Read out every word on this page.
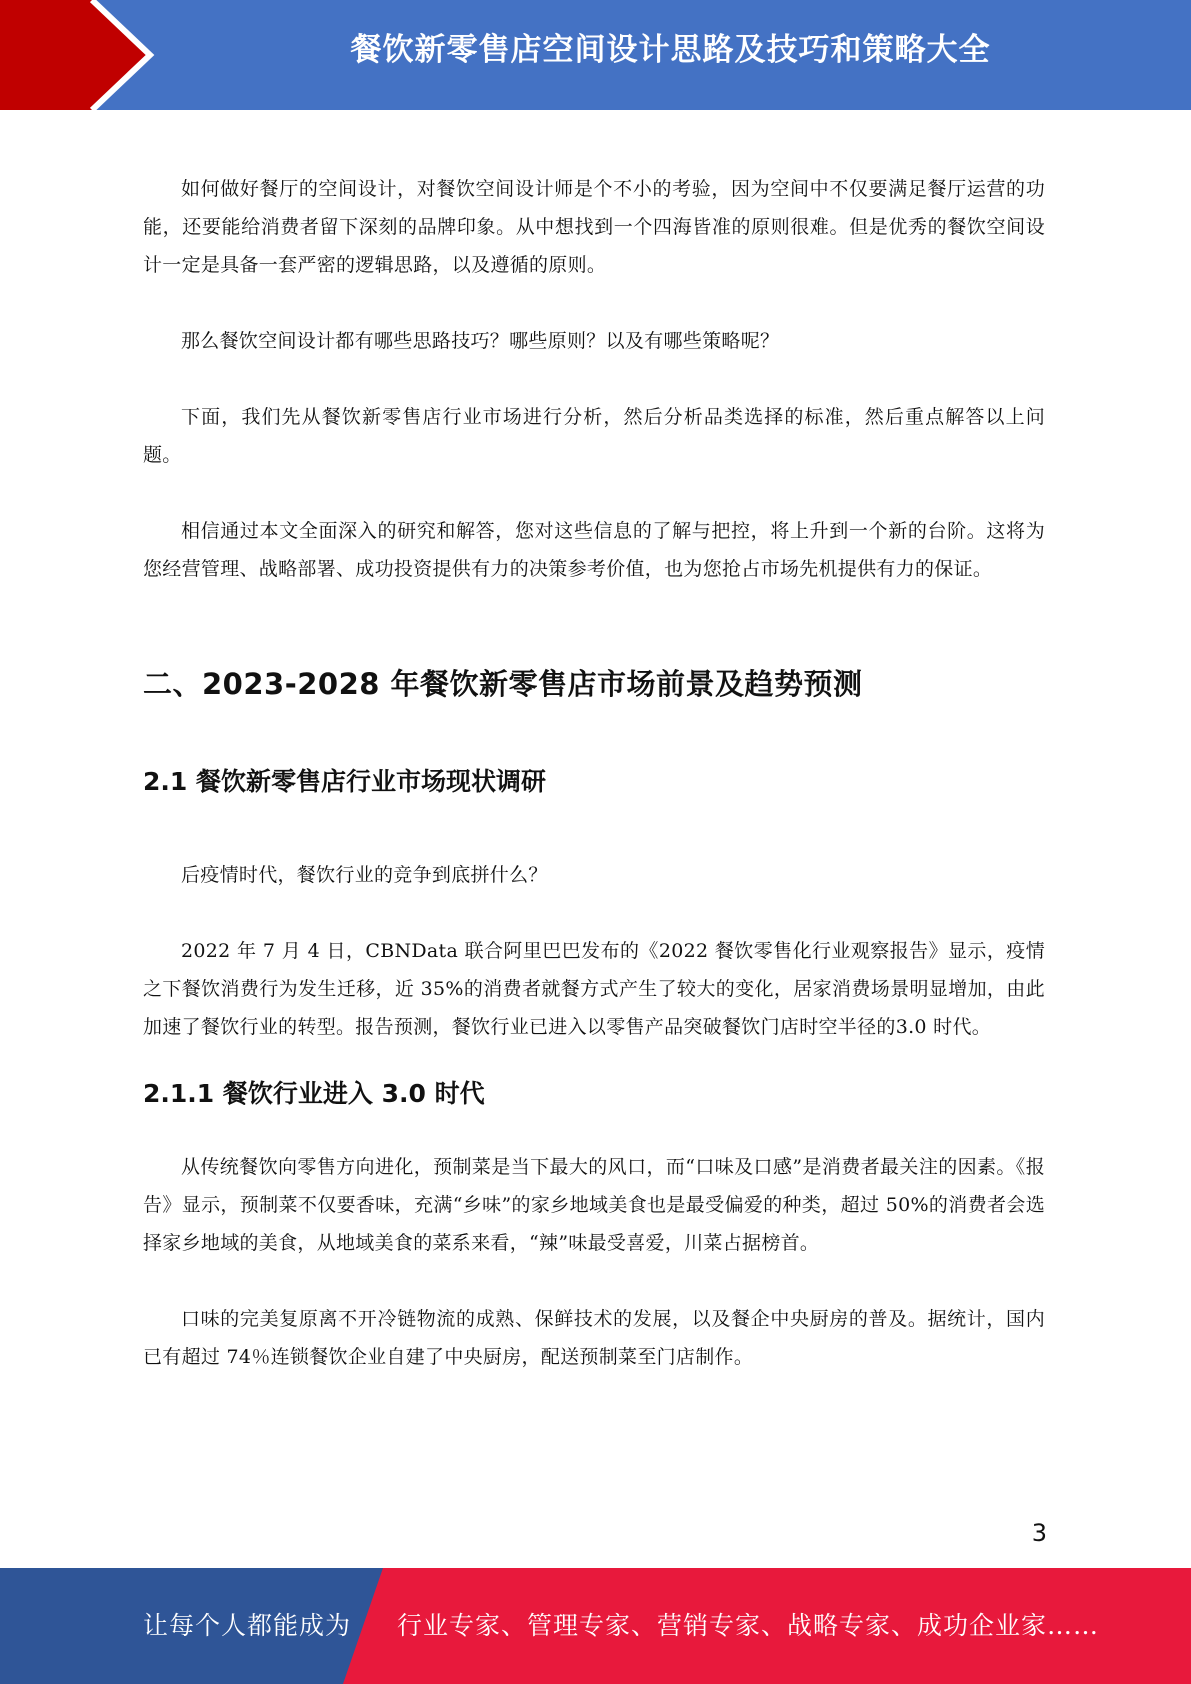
餐饮新零售店空间设计思路及技巧和策略大全

如何做好餐厅的空间设计，对餐饮空间设计师是个不小的考验，因为空间中不仅要满足餐厅运营的功能，还要能给消费者留下深刻的品牌印象。从中想找到一个四海皆准的原则很难。但是优秀的餐饮空间设计一定是具备一套严密的逻辑思路，以及遵循的原则。

那么餐饮空间设计都有哪些思路技巧？哪些原则？以及有哪些策略呢？

下面，我们先从餐饮新零售店行业市场进行分析，然后分析品类选择的标准，然后重点解答以上问题。

相信通过本文全面深入的研究和解答，您对这些信息的了解与把控，将上升到一个新的台阶。这将为您经营管理、战略部署、成功投资提供有力的决策参考价值，也为您抢占市场先机提供有力的保证。

二、2023-2028 年餐饮新零售店市场前景及趋势预测
2.1 餐饮新零售店行业市场现状调研

后疫情时代，餐饮行业的竞争到底拼什么？

2022 年 7 月 4 日，CBNData 联合阿里巴巴发布的《2022 餐饮零售化行业观察报告》显示，疫情之下餐饮消费行为发生迁移，近 35%的消费者就餐方式产生了较大的变化，居家消费场景明显增加，由此加速了餐饮行业的转型。报告预测，餐饮行业已进入以零售产品突破餐饮门店时空半径的3.0 时代。

2.1.1 餐饮行业进入 3.0 时代

从传统餐饮向零售方向进化，预制菜是当下最大的风口，而“口味及口感”是消费者最关注的因素。《报告》显示，预制菜不仅要香味，充满“乡味”的家乡地域美食也是最受偏爱的种类，超过 50%的消费者会选择家乡地域的美食，从地域美食的菜系来看，“辣”味最受喜爱，川菜占据榜首。

口味的完美复原离不开冷链物流的成熟、保鲜技术的发展，以及餐企中央厨房的普及。据统计，国内已有超过 74％连锁餐饮企业自建了中央厨房，配送预制菜至门店制作。

3
让每个人都能成为 行业专家、管理专家、营销专家、战略专家、成功企业家……
